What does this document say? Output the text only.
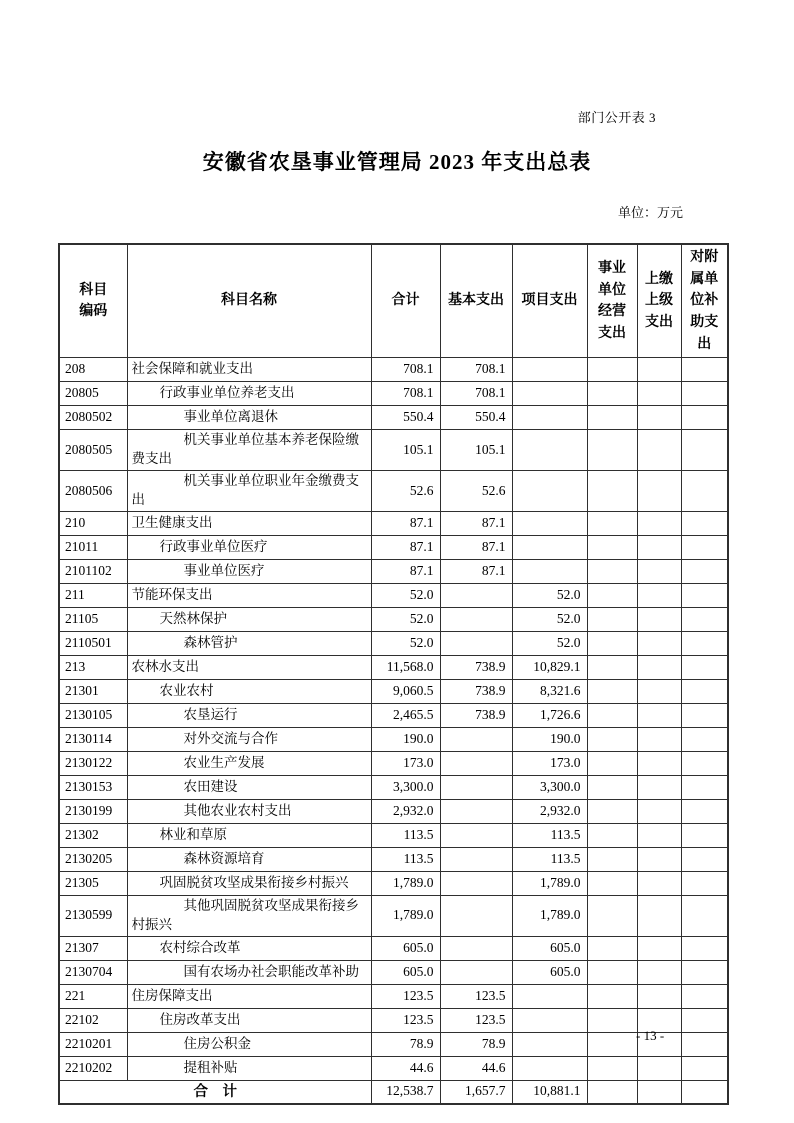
部门公开表 3
安徽省农垦事业管理局 2023 年支出总表
单位：万元
科目编码	科目名称	合计	基本支出	项目支出	事业单位经营支出	上缴上级支出	对附属单位补助支出
208	社会保障和就业支出	708.1	708.1				
20805	行政事业单位养老支出	708.1	708.1				
2080502	事业单位离退休	550.4	550.4				
2080505	机关事业单位基本养老保险缴费支出	105.1	105.1				
2080506	机关事业单位职业年金缴费支出	52.6	52.6				
210	卫生健康支出	87.1	87.1				
21011	行政事业单位医疗	87.1	87.1				
2101102	事业单位医疗	87.1	87.1				
211	节能环保支出	52.0		52.0			
21105	天然林保护	52.0		52.0			
2110501	森林管护	52.0		52.0			
213	农林水支出	11,568.0	738.9	10,829.1			
21301	农业农村	9,060.5	738.9	8,321.6			
2130105	农垦运行	2,465.5	738.9	1,726.6			
2130114	对外交流与合作	190.0		190.0			
2130122	农业生产发展	173.0		173.0			
2130153	农田建设	3,300.0		3,300.0			
2130199	其他农业农村支出	2,932.0		2,932.0			
21302	林业和草原	113.5		113.5			
2130205	森林资源培育	113.5		113.5			
21305	巩固脱贫攻坚成果衔接乡村振兴	1,789.0		1,789.0			
2130599	其他巩固脱贫攻坚成果衔接乡村振兴	1,789.0		1,789.0			
21307	农村综合改革	605.0		605.0			
2130704	国有农场办社会职能改革补助	605.0		605.0			
221	住房保障支出	123.5	123.5				
22102	住房改革支出	123.5	123.5				
2210201	住房公积金	78.9	78.9				
2210202	提租补贴	44.6	44.6				
合　计		12,538.7	1,657.7	10,881.1			
- 13 -
